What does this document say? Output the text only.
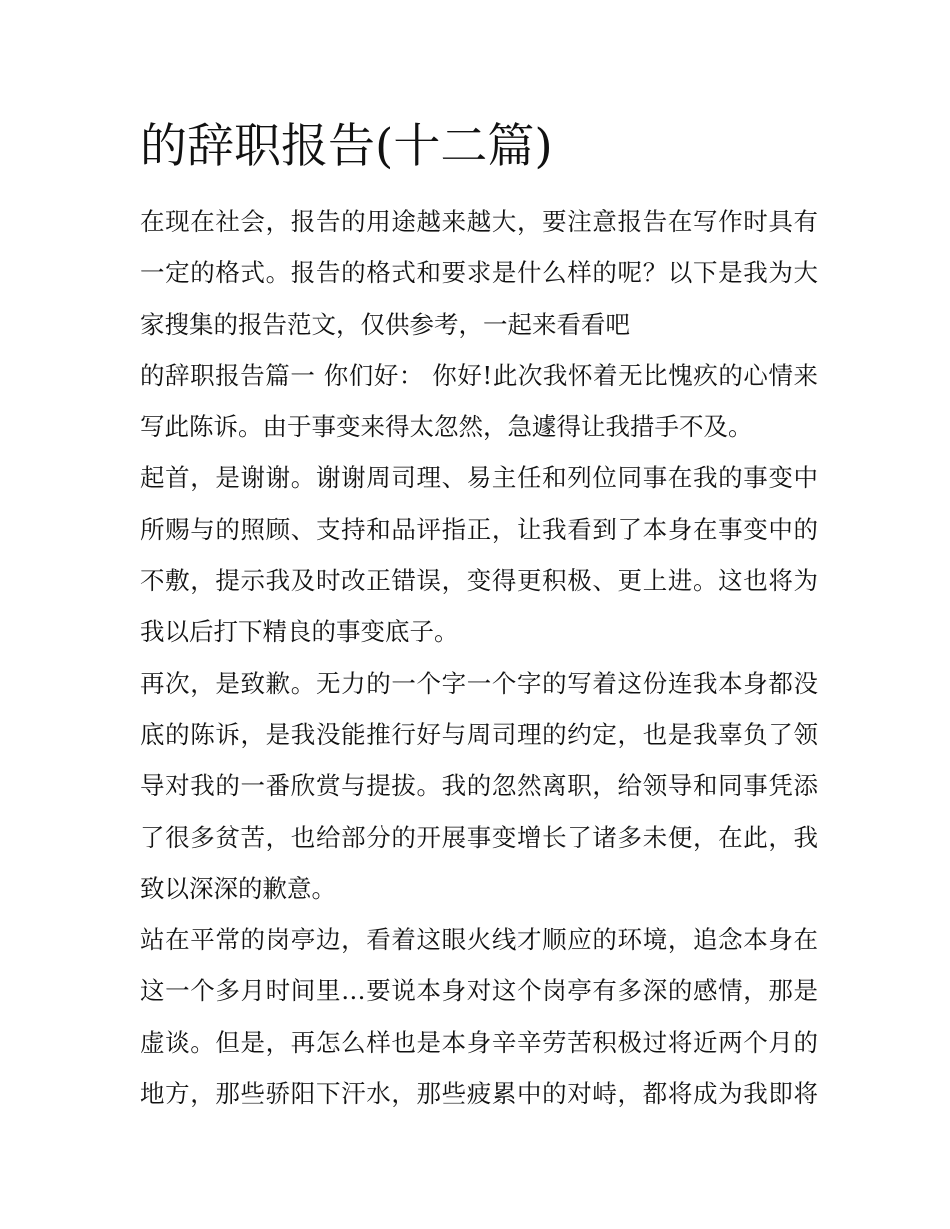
的辞职报告(十二篇)
在现在社会，报告的用途越来越大，要注意报告在写作时具有
一定的格式。报告的格式和要求是什么样的呢？以下是我为大
家搜集的报告范文，仅供参考，一起来看看吧
的辞职报告篇一 你们好： 你好!此次我怀着无比愧疚的心情来
写此陈诉。由于事变来得太忽然，急遽得让我措手不及。
起首，是谢谢。谢谢周司理、易主任和列位同事在我的事变中
所赐与的照顾、支持和品评指正，让我看到了本身在事变中的
不敷，提示我及时改正错误，变得更积极、更上进。这也将为
我以后打下精良的事变底子。
再次，是致歉。无力的一个字一个字的写着这份连我本身都没
底的陈诉，是我没能推行好与周司理的约定，也是我辜负了领
导对我的一番欣赏与提拔。我的忽然离职，给领导和同事凭添
了很多贫苦，也给部分的开展事变增长了诸多未便，在此，我
致以深深的歉意。
站在平常的岗亭边，看着这眼火线才顺应的环境，追念本身在
这一个多月时间里…要说本身对这个岗亭有多深的感情，那是
虚谈。但是，再怎么样也是本身辛辛劳苦积极过将近两个月的
地方，那些骄阳下汗水，那些疲累中的对峙，都将成为我即将
